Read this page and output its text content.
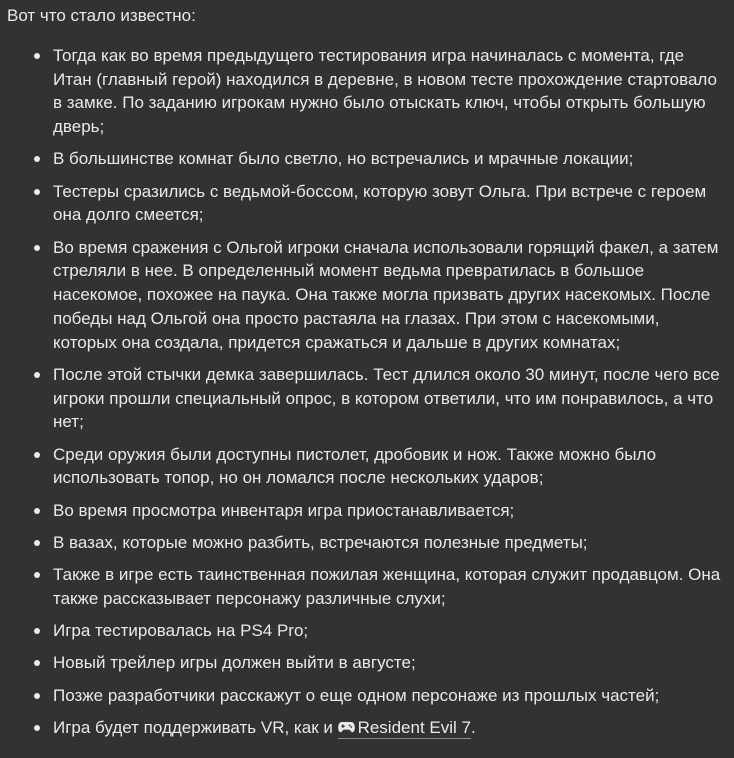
Вот что стало известно:

Тогда как во время предыдущего тестирования игра начиналась с момента, где Итан (главный герой) находился в деревне, в новом тесте прохождение стартовало в замке. По заданию игрокам нужно было отыскать ключ, чтобы открыть большую дверь;
В большинстве комнат было светло, но встречались и мрачные локации;
Тестеры сразились с ведьмой-боссом, которую зовут Ольга. При встрече с героем она долго смеется;
Во время сражения с Ольгой игроки сначала использовали горящий факел, а затем стреляли в нее. В определенный момент ведьма превратилась в большое насекомое, похожее на паука. Она также могла призвать других насекомых. После победы над Ольгой она просто растаяла на глазах. При этом с насекомыми, которых она создала, придется сражаться и дальше в других комнатах;
После этой стычки демка завершилась. Тест длился около 30 минут, после чего все игроки прошли специальный опрос, в котором ответили, что им понравилось, а что нет;
Среди оружия были доступны пистолет, дробовик и нож. Также можно было использовать топор, но он ломался после нескольких ударов;
Во время просмотра инвентаря игра приостанавливается;
В вазах, которые можно разбить, встречаются полезные предметы;
Также в игре есть таинственная пожилая женщина, которая служит продавцом. Она также рассказывает персонажу различные слухи;
Игра тестировалась на PS4 Pro;
Новый трейлер игры должен выйти в августе;
Позже разработчики расскажут о еще одном персонаже из прошлых частей;
Игра будет поддерживать VR, как и Resident Evil 7 .
